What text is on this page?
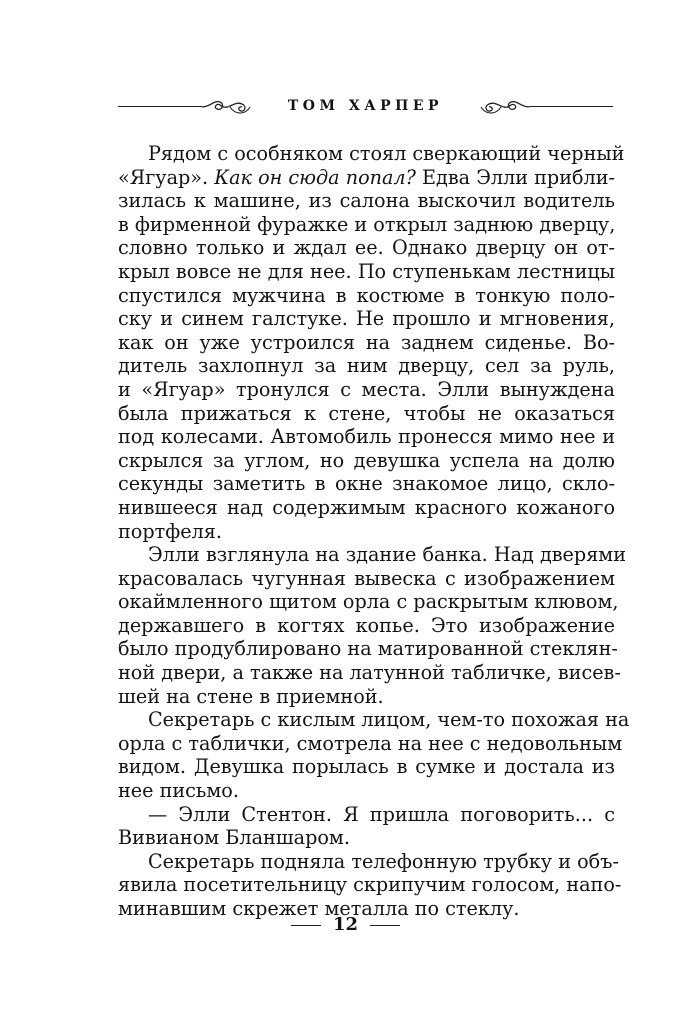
ТОМ ХАРПЕР
Рядом с особняком стоял сверкающий черный
«Ягуар». Как он сюда попал? Едва Элли прибли-
зилась к машине, из салона выскочил водитель
в фирменной фуражке и открыл заднюю дверцу,
словно только и ждал ее. Однако дверцу он от-
крыл вовсе не для нее. По ступенькам лестницы
спустился мужчина в костюме в тонкую поло-
ску и синем галстуке. Не прошло и мгновения,
как он уже устроился на заднем сиденье. Во-
дитель захлопнул за ним дверцу, сел за руль,
и «Ягуар» тронулся с места. Элли вынуждена
была прижаться к стене, чтобы не оказаться
под колесами. Автомобиль пронесся мимо нее и
скрылся за углом, но девушка успела на долю
секунды заметить в окне знакомое лицо, скло-
нившееся над содержимым красного кожаного
портфеля.
Элли взглянула на здание банка. Над дверями
красовалась чугунная вывеска с изображением
окаймленного щитом орла с раскрытым клювом,
державшего в когтях копье. Это изображение
было продублировано на матированной стеклян-
ной двери, а также на латунной табличке, висев-
шей на стене в приемной.
Секретарь с кислым лицом, чем-то похожая на
орла с таблички, смотрела на нее с недовольным
видом. Девушка порылась в сумке и достала из
нее письмо.
— Элли Стентон. Я пришла поговорить... с
Вивианом Бланшаром.
Секретарь подняла телефонную трубку и объ-
явила посетительницу скрипучим голосом, напо-
минавшим скрежет металла по стеклу.
12
